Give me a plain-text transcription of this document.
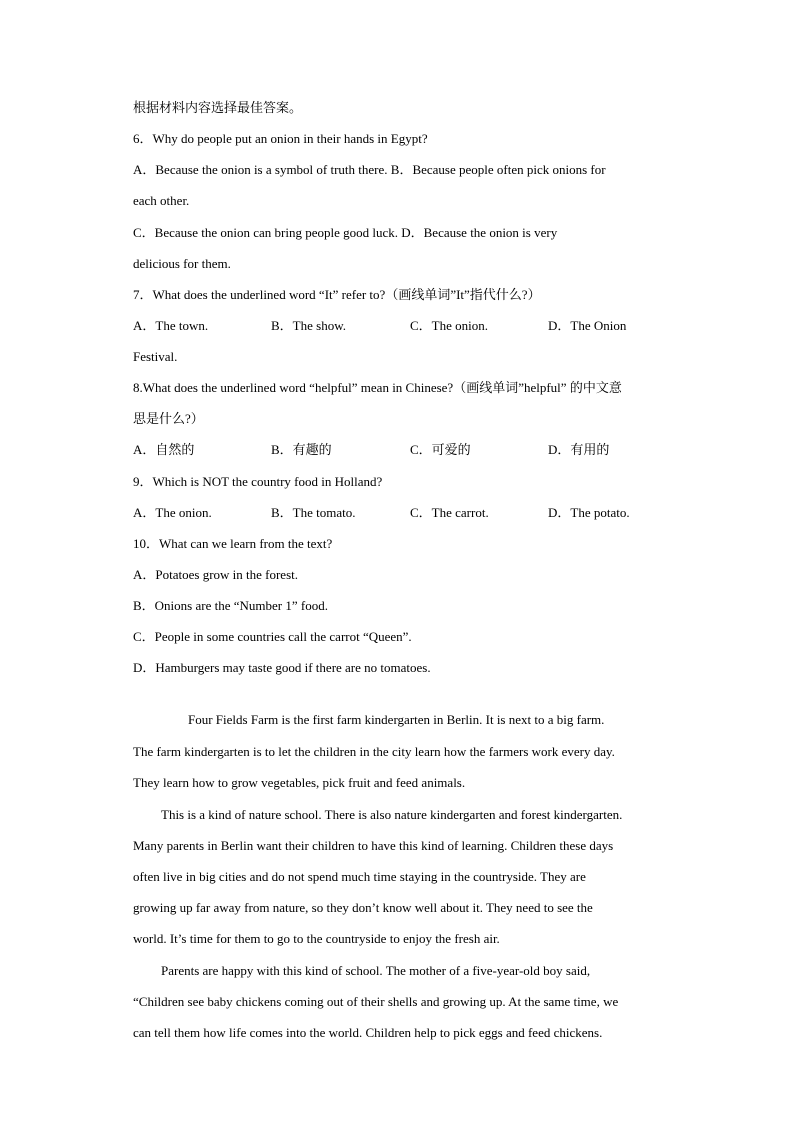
根据材料内容选择最佳答案。
6．Why do people put an onion in their hands in Egypt?
A．Because the onion is a symbol of truth there. B．Because people often pick onions for
each other.
C．Because the onion can bring people good luck. D．Because the onion is very
delicious for them.
7．What does the underlined word “It” refer to?（画线单词”It”指代什么?）
A．The town.	B．The show.	C．The onion.	D．The Onion
Festival.
8.What does the underlined word “helpful” mean in Chinese?（画线单词”helpful” 的中文意
思是什么?）
A．自然的	B．有趣的	C．可爱的	D．有用的
9．Which is NOT the country food in Holland?
A．The onion.	B．The tomato.	C．The carrot.	D．The potato.
10．What can we learn from the text?
A．Potatoes grow in the forest.
B．Onions are the “Number 1” food.
C．People in some countries call the carrot “Queen”.
D．Hamburgers may taste good if there are no tomatoes.
Four Fields Farm is the first farm kindergarten in Berlin. It is next to a big farm.
The farm kindergarten is to let the children in the city learn how the farmers work every day.
They learn how to grow vegetables, pick fruit and feed animals.
This is a kind of nature school. There is also nature kindergarten and forest kindergarten.
Many parents in Berlin want their children to have this kind of learning. Children these days
often live in big cities and do not spend much time staying in the countryside. They are
growing up far away from nature, so they don’t know well about it. They need to see the
world. It’s time for them to go to the countryside to enjoy the fresh air.
Parents are happy with this kind of school. The mother of a five-year-old boy said,
“Children see baby chickens coming out of their shells and growing up. At the same time, we
can tell them how life comes into the world. Children help to pick eggs and feed chickens.
